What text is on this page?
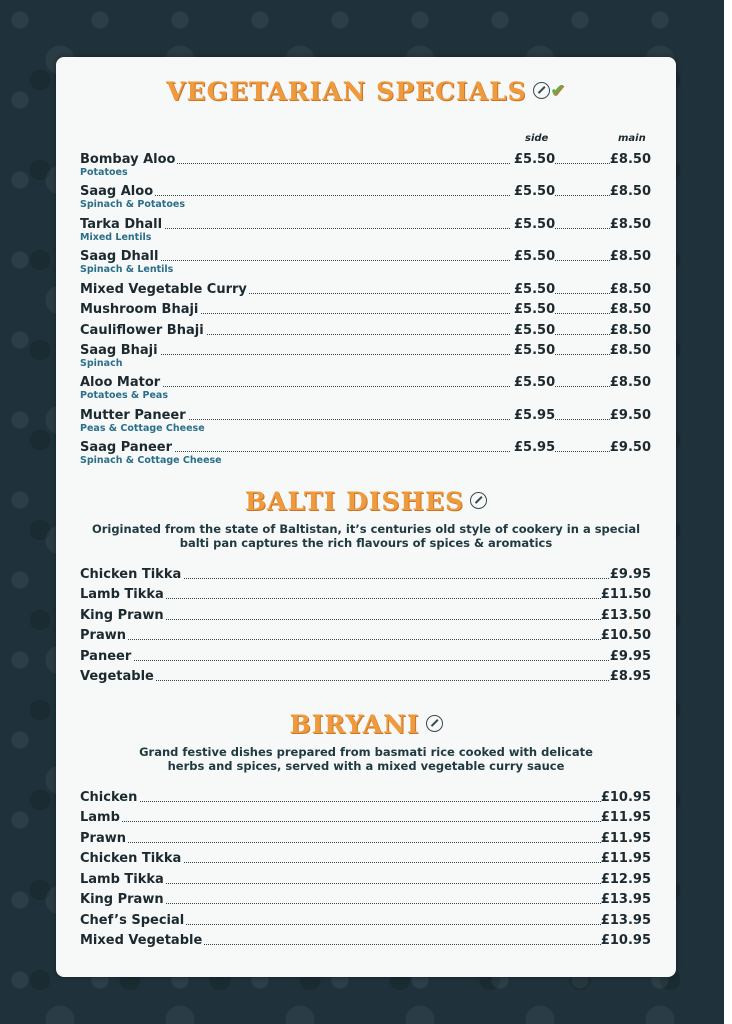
VEGETARIAN SPECIALS ✔
side	main
Bombay Aloo	£5.50	£8.50
Potatoes
Saag Aloo	£5.50	£8.50
Spinach & Potatoes
Tarka Dhall	£5.50	£8.50
Mixed Lentils
Saag Dhall	£5.50	£8.50
Spinach & Lentils
Mixed Vegetable Curry	£5.50	£8.50
Mushroom Bhaji	£5.50	£8.50
Cauliflower Bhaji	£5.50	£8.50
Saag Bhaji	£5.50	£8.50
Spinach
Aloo Mator	£5.50	£8.50
Potatoes & Peas
Mutter Paneer	£5.95	£9.50
Peas & Cottage Cheese
Saag Paneer	£5.95	£9.50
Spinach & Cottage Cheese
BALTI DISHES
Originated from the state of Baltistan, it’s centuries old style of cookery in a special
balti pan captures the rich flavours of spices & aromatics
Chicken Tikka	£9.95
Lamb Tikka	£11.50
King Prawn	£13.50
Prawn	£10.50
Paneer	£9.95
Vegetable	£8.95
BIRYANI
Grand festive dishes prepared from basmati rice cooked with delicate
herbs and spices, served with a mixed vegetable curry sauce
Chicken	£10.95
Lamb	£11.95
Prawn	£11.95
Chicken Tikka	£11.95
Lamb Tikka	£12.95
King Prawn	£13.95
Chef’s Special	£13.95
Mixed Vegetable	£10.95
